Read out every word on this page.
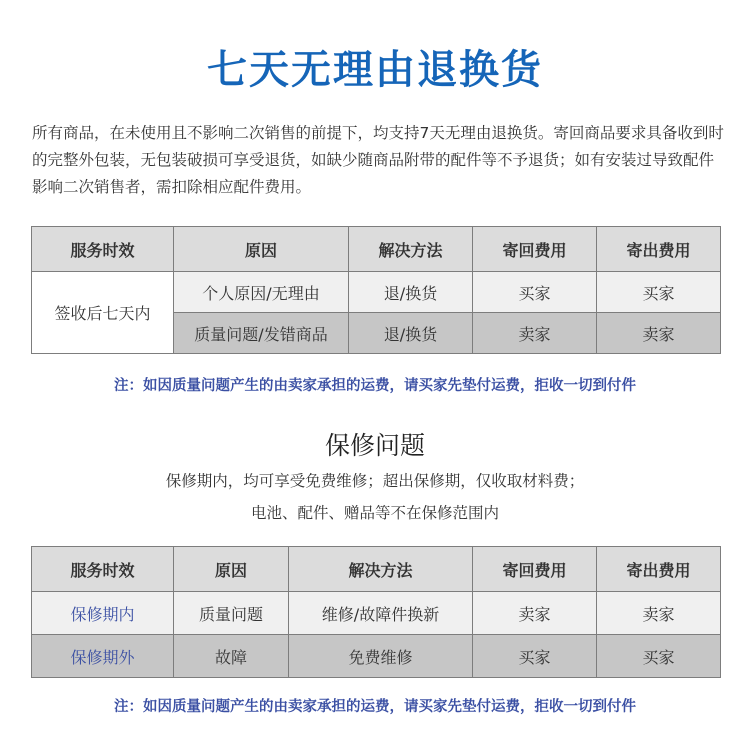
七天无理由退换货
所有商品，在未使用且不影响二次销售的前提下，均支持7天无理由退换货。寄回商品要求具备收到时的完整外包装，无包装破损可享受退货，如缺少随商品附带的配件等不予退货；如有安装过导致配件影响二次销售者，需扣除相应配件费用。
服务时效	原因	解决方法	寄回费用	寄出费用
签收后七天内	个人原因/无理由	退/换货	买家	买家
	质量问题/发错商品	退/换货	卖家	卖家
注：如因质量问题产生的由卖家承担的运费，请买家先垫付运费，拒收一切到付件
保修问题
保修期内，均可享受免费维修；超出保修期，仅收取材料费；
电池、配件、赠品等不在保修范围内
服务时效	原因	解决方法	寄回费用	寄出费用
保修期内	质量问题	维修/故障件换新	卖家	卖家
保修期外	故障	免费维修	买家	买家
注：如因质量问题产生的由卖家承担的运费，请买家先垫付运费，拒收一切到付件
